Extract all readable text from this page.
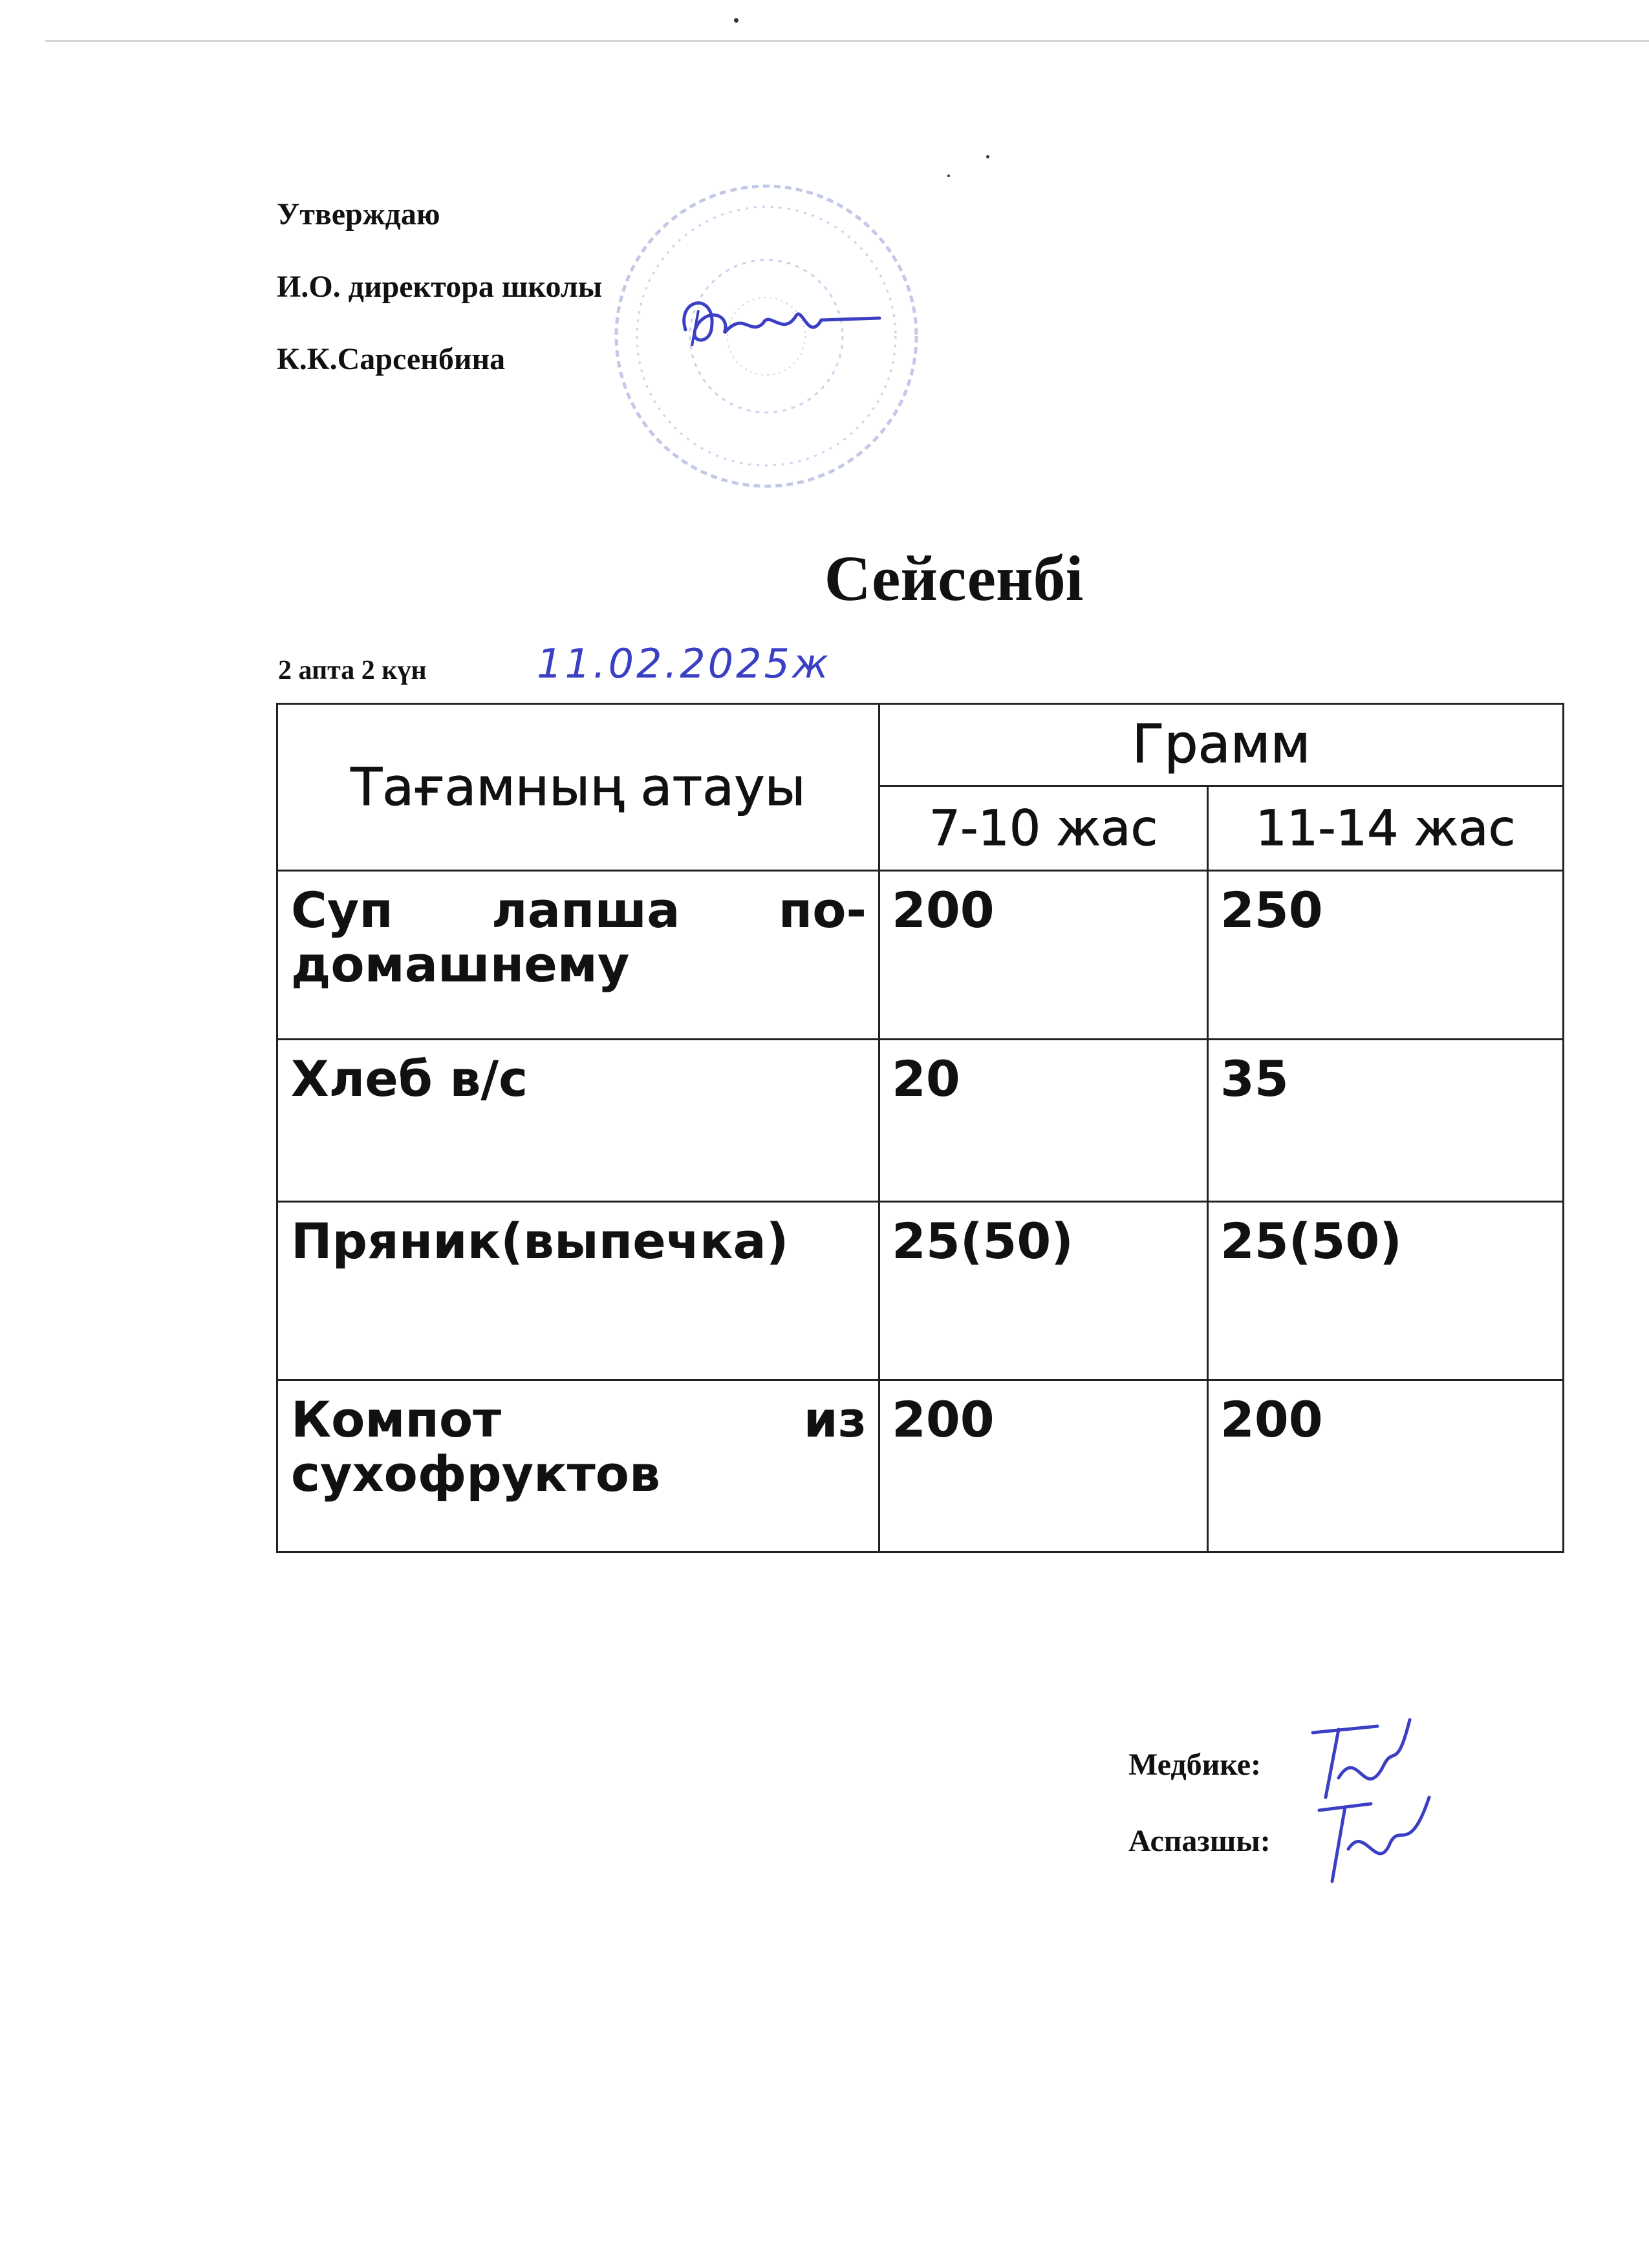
Утверждаю
И.О. директора школы
К.К.Сарсенбина
Сейсенбі
2 апта 2 күн	11.02.2025ж
Тағамның атауы	Грамм	
	7-10 жас	11-14 жас

Суп лапша по-
домашнему	200	250
Хлеб в/с	20	35
Пряник(выпечка)	25(50)	25(50)

Компот из
сухофруктов	200	200
Медбике:
Аспазшы:
